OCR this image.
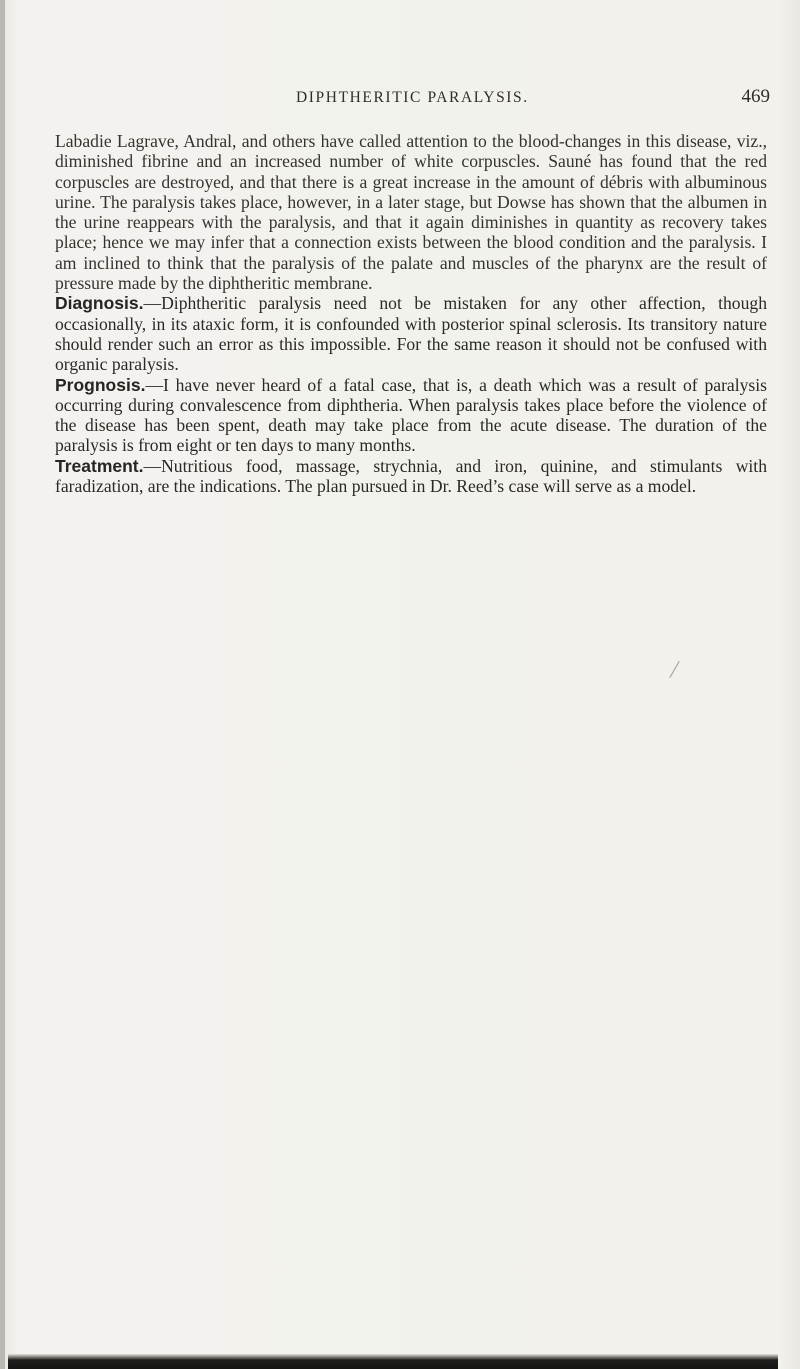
DIPHTHERITIC PARALYSIS.	469

Labadie Lagrave, Andral, and others have called attention to the blood-changes in this disease, viz., diminished fibrine and an increased number of white corpuscles. Sauné has found that the red corpuscles are destroyed, and that there is a great increase in the amount of débris with albuminous urine. The paralysis takes place, however, in a later stage, but Dowse has shown that the albumen in the urine reappears with the paralysis, and that it again diminishes in quantity as recovery takes place; hence we may infer that a connection exists between the blood condition and the paralysis. I am inclined to think that the paralysis of the palate and muscles of the pharynx are the result of pressure made by the diphtheritic membrane.

Diagnosis.—Diphtheritic paralysis need not be mistaken for any other affection, though occasionally, in its ataxic form, it is confounded with posterior spinal sclerosis. Its transitory nature should render such an error as this impossible. For the same reason it should not be confused with organic paralysis.

Prognosis.—I have never heard of a fatal case, that is, a death which was a result of paralysis occurring during convalescence from diphtheria. When paralysis takes place before the violence of the disease has been spent, death may take place from the acute disease. The duration of the paralysis is from eight or ten days to many months.

Treatment.—Nutritious food, massage, strychnia, and iron, quinine, and stimulants with faradization, are the indications. The plan pursued in Dr. Reed’s case will serve as a model.
